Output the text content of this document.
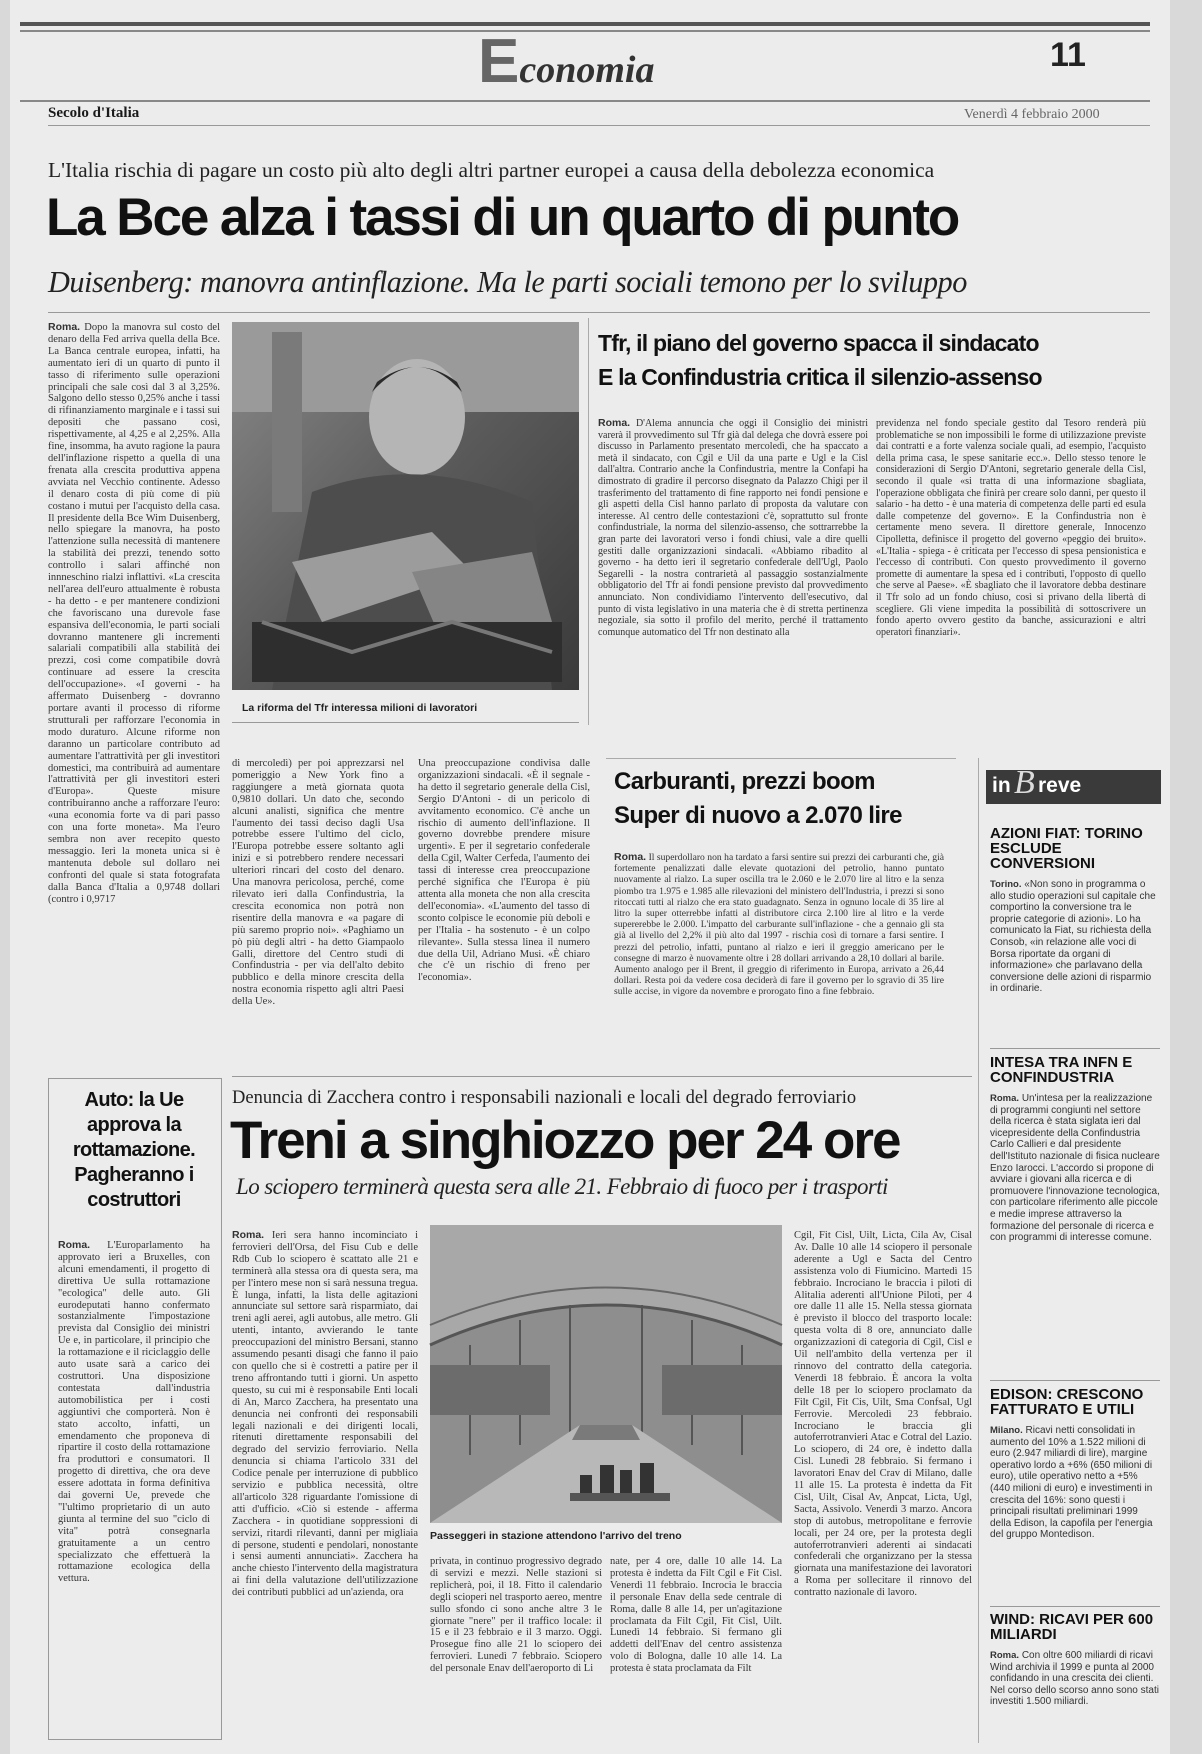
Economia	11
Secolo d'Italia	Venerdì 4 febbraio 2000
L'Italia rischia di pagare un costo più alto degli altri partner europei a causa della debolezza economica
La Bce alza i tassi di un quarto di punto
Duisenberg: manovra antinflazione. Ma le parti sociali temono per lo sviluppo

Roma. Dopo la manovra sul costo del denaro della Fed arriva quella della Bce. La Banca centrale europea, infatti, ha aumentato ieri di un quarto di punto il tasso di riferimento sulle operazioni principali che sale così dal 3 al 3,25%. Salgono dello stesso 0,25% anche i tassi di rifinanziamento marginale e i tassi sui depositi che passano così, rispettivamente, al 4,25 e al 2,25%. Alla fine, insomma, ha avuto ragione la paura dell'inflazione rispetto a quella di una frenata alla crescita produttiva appena avviata nel Vecchio continente. Adesso il denaro costa di più come di più costano i mutui per l'acquisto della casa. Il presidente della Bce Wim Duisenberg, nello spiegare la manovra, ha posto l'attenzione sulla necessità di mantenere la stabilità dei prezzi, tenendo sotto controllo i salari affinché non innneschino rialzi inflattivi. «La crescita nell'area dell'euro attualmente è robusta - ha detto - e per mantenere condizioni che favoriscano una durevole fase espansiva dell'economia, le parti sociali dovranno mantenere gli incrementi salariali compatibili alla stabilità dei prezzi, così come compatibile dovrà continuare ad essere la crescita dell'occupazione». «I governi - ha affermato Duisenberg - dovranno portare avanti il processo di riforme strutturali per rafforzare l'economia in modo duraturo. Alcune riforme non daranno un particolare contributo ad aumentare l'attrattività per gli investitori domestici, ma contribuirà ad aumentare l'attrattività per gli investitori esteri d'Europa». Queste misure contribuiranno anche a rafforzare l'euro: «una economia forte va di pari passo con una forte moneta». Ma l'euro sembra non aver recepito questo messaggio. Ieri la moneta unica si è mantenuta debole sul dollaro nei confronti del quale si stata fotografata dalla Banca d'Italia a 0,9748 dollari (contro i 0,9717

La riforma del Tfr interessa milioni di lavoratori
Tfr, il piano del governo spacca il sindacato
E la Confindustria critica il silenzio-assenso

Roma. D'Alema annuncia che oggi il Consiglio dei ministri varerà il provvedimento sul Tfr già dal delega che dovrà essere poi discusso in Parlamento presentato mercoledì, che ha spaccato a metà il sindacato, con Cgil e Uil da una parte e Ugl e la Cisl dall'altra. Contrario anche la Confindustria, mentre la Confapi ha dimostrato di gradire il percorso disegnato da Palazzo Chigi per il trasferimento del trattamento di fine rapporto nei fondi pensione e gli aspetti della Cisl hanno parlato di proposta da valutare con interesse. Al centro delle contestazioni c'è, soprattutto sul fronte confindustriale, la norma del silenzio-assenso, che sottrarrebbe la gran parte dei lavoratori verso i fondi chiusi, vale a dire quelli gestiti dalle organizzazioni sindacali. «Abbiamo ribadito al governo - ha detto ieri il segretario confederale dell'Ugl, Paolo Segarelli - la nostra contrarietà al passaggio sostanzialmente obbligatorio del Tfr ai fondi pensione previsto dal provvedimento annunciato. Non condividiamo l'intervento dell'esecutivo, dal punto di vista legislativo in una materia che è di stretta pertinenza negoziale, sia sotto il profilo del merito, perché il trattamento comunque automatico del Tfr non destinato alla

previdenza nel fondo speciale gestito dal Tesoro renderà più problematiche se non impossibili le forme di utilizzazione previste dai contratti e a forte valenza sociale quali, ad esempio, l'acquisto della prima casa, le spese sanitarie ecc.». Dello stesso tenore le considerazioni di Sergio D'Antoni, segretario generale della Cisl, secondo il quale «si tratta di una informazione sbagliata, l'operazione obbligata che finirà per creare solo danni, per questo il salario - ha detto - è una materia di competenza delle parti ed esula dalle competenze del governo». E la Confindustria non è certamente meno severa. Il direttore generale, Innocenzo Cipolletta, definisce il progetto del governo «peggio dei bruito». «L'Italia - spiega - è criticata per l'eccesso di spesa pensionistica e l'eccesso di contributi. Con questo provvedimento il governo promette di aumentare la spesa ed i contributi, l'opposto di quello che serve al Paese». «È sbagliato che il lavoratore debba destinare il Tfr solo ad un fondo chiuso, così si privano della libertà di scegliere. Gli viene impedita la possibilità di sottoscrivere un fondo aperto ovvero gestito da banche, assicurazioni e altri operatori finanziari».

di mercoledì) per poi apprezzarsi nel pomeriggio a New York fino a raggiungere a metà giornata quota 0,9810 dollari. Un dato che, secondo alcuni analisti, significa che mentre l'aumento dei tassi deciso dagli Usa potrebbe essere l'ultimo del ciclo, l'Europa potrebbe essere soltanto agli inizi e si potrebbero rendere necessari ulteriori rincari del costo del denaro. Una manovra pericolosa, perché, come rilevato ieri dalla Confindustria, la crescita economica non potrà non risentire della manovra e «a pagare di più saremo proprio noi». «Paghiamo un pò più degli altri - ha detto Giampaolo Galli, direttore del Centro studi di Confindustria - per via dell'alto debito pubblico e della minore crescita della nostra economia rispetto agli altri Paesi della Ue».

Una preoccupazione condivisa dalle organizzazioni sindacali. «È il segnale - ha detto il segretario generale della Cisl, Sergio D'Antoni - di un pericolo di avvitamento economico. C'è anche un rischio di aumento dell'inflazione. Il governo dovrebbe prendere misure urgenti». E per il segretario confederale della Cgil, Walter Cerfeda, l'aumento dei tassi di interesse crea preoccupazione perché significa che l'Europa è più attenta alla moneta che non alla crescita dell'economia». «L'aumento del tasso di sconto colpisce le economie più deboli e per l'Italia - ha sostenuto - è un colpo rilevante». Sulla stessa linea il numero due della Uil, Adriano Musi. «È chiaro che c'è un rischio di freno per l'economia».

Carburanti, prezzi boom
Super di nuovo a 2.070 lire

Roma. Il superdollaro non ha tardato a farsi sentire sui prezzi dei carburanti che, già fortemente penalizzati dalle elevate quotazioni del petrolio, hanno puntato nuovamente al rialzo. La super oscilla tra le 2.060 e le 2.070 lire al litro e la senza piombo tra 1.975 e 1.985 alle rilevazioni del ministero dell'Industria, i prezzi si sono ritoccati tutti al rialzo che era stato guadagnato. Senza in ognuno locale di 35 lire al litro la super otterrebbe infatti al distributore circa 2.100 lire al litro e la verde supererebbe le 2.000. L'impatto del carburante sull'inflazione - che a gennaio gli sta già al livello del 2,2% il più alto dal 1997 - rischia così di tornare a farsi sentire. I prezzi del petrolio, infatti, puntano al rialzo e ieri il greggio americano per le consegne di marzo è nuovamente oltre i 28 dollari arrivando a 28,10 dollari al barile. Aumento analogo per il Brent, il greggio di riferimento in Europa, arrivato a 26,44 dollari. Resta poi da vedere cosa deciderà di fare il governo per lo sgravio di 35 lire sulle accise, in vigore da novembre e prorogato fino a fine febbraio.

in B reve
AZIONI FIAT: TORINO ESCLUDE CONVERSIONI
Torino. «Non sono in programma o allo studio operazioni sul capitale che comportino la conversione tra le proprie categorie di azioni». Lo ha comunicato la Fiat, su richiesta della Consob, «in relazione alle voci di Borsa riportate da organi di informazione» che parlavano della conversione delle azioni di risparmio in ordinarie.
INTESA TRA INFN E CONFINDUSTRIA
Roma. Un'intesa per la realizzazione di programmi congiunti nel settore della ricerca è stata siglata ieri dal vicepresidente della Confindustria Carlo Callieri e dal presidente dell'Istituto nazionale di fisica nucleare Enzo Iarocci. L'accordo si propone di avviare i giovani alla ricerca e di promuovere l'innovazione tecnologica, con particolare riferimento alle piccole e medie imprese attraverso la formazione del personale di ricerca e con programmi di interesse comune.
EDISON: CRESCONO FATTURATO E UTILI
Milano. Ricavi netti consolidati in aumento del 10% a 1.522 milioni di euro (2.947 miliardi di lire), margine operativo lordo a +6% (650 milioni di euro), utile operativo netto a +5% (440 milioni di euro) e investimenti in crescita del 16%: sono questi i principali risultati preliminari 1999 della Edison, la capofila per l'energia del gruppo Montedison.
WIND: RICAVI PER 600 MILIARDI
Roma. Con oltre 600 miliardi di ricavi Wind archivia il 1999 e punta al 2000 confidando in una crescita dei clienti. Nel corso dello scorso anno sono stati investiti 1.500 miliardi.
Auto: la Ue approva la rottamazione. Pagheranno i costruttori

Roma. L'Europarlamento ha approvato ieri a Bruxelles, con alcuni emendamenti, il progetto di direttiva Ue sulla rottamazione "ecologica" delle auto. Gli eurodeputati hanno confermato sostanzialmente l'impostazione prevista dal Consiglio dei ministri Ue e, in particolare, il principio che la rottamazione e il riciclaggio delle auto usate sarà a carico dei costruttori. Una disposizione contestata dall'industria automobilistica per i costi aggiuntivi che comporterà. Non è stato accolto, infatti, un emendamento che proponeva di ripartire il costo della rottamazione fra produttori e consumatori. Il progetto di direttiva, che ora deve essere adottata in forma definitiva dai governi Ue, prevede che "l'ultimo proprietario di un auto giunta al termine del suo "ciclo di vita" potrà consegnarla gratuitamente a un centro specializzato che effettuerà la rottamazione ecologica della vettura.

Denuncia di Zacchera contro i responsabili nazionali e locali del degrado ferroviario
Treni a singhiozzo per 24 ore
Lo sciopero terminerà questa sera alle 21. Febbraio di fuoco per i trasporti
Passeggeri in stazione attendono l'arrivo del treno

Roma. Ieri sera hanno incominciato i ferrovieri dell'Orsa, del Fisu Cub e delle Rdb Cub lo sciopero è scattato alle 21 e terminerà alla stessa ora di questa sera, ma per l'intero mese non si sarà nessuna tregua. È lunga, infatti, la lista delle agitazioni annunciate sul settore sarà risparmiato, dai treni agli aerei, agli autobus, alle metro. Gli utenti, intanto, avvierando le tante preoccupazioni del ministro Bersani, stanno assumendo pesanti disagi che fanno il paio con quello che si è costretti a patire per il treno affrontando tutti i giorni. Un aspetto questo, su cui mi è responsabile Enti locali di An, Marco Zacchera, ha presentato una denuncia nei confronti dei responsabili legali nazionali e dei dirigenti locali, ritenuti direttamente responsabili del degrado del servizio ferroviario. Nella denuncia si chiama l'articolo 331 del Codice penale per interruzione di pubblico servizio e pubblica necessità, oltre all'articolo 328 riguardante l'omissione di atti d'ufficio. «Ciò si estende - afferma Zacchera - in quotidiane soppressioni di servizi, ritardi rilevanti, danni per migliaia di persone, studenti e pendolari, nonostante i sensi aumenti annunciati». Zacchera ha anche chiesto l'intervento della magistratura ai fini della valutazione dell'utilizzazione dei contributi pubblici ad un'azienda, ora

privata, in continuo progressivo degrado di servizi e mezzi. Nelle stazioni si replicherà, poi, il 18. Fitto il calendario degli scioperi nel trasporto aereo, mentre sullo sfondo ci sono anche altre 3 le giornate "nere" per il traffico locale: il 15 e il 23 febbraio e il 3 marzo. Oggi. Prosegue fino alle 21 lo sciopero dei ferrovieri. Lunedì 7 febbraio. Sciopero del personale Enav dell'aeroporto di Li

nate, per 4 ore, dalle 10 alle 14. La protesta è indetta da Filt Cgil e Fit Cisl. Venerdì 11 febbraio. Incrocia le braccia il personale Enav della sede centrale di Roma, dalle 8 alle 14, per un'agitazione proclamata da Filt Cgil, Fit Cisl, Uilt. Lunedì 14 febbraio. Si fermano gli addetti dell'Enav del centro assistenza volo di Bologna, dalle 10 alle 14. La protesta è stata proclamata da Filt

Cgil, Fit Cisl, Uilt, Licta, Cila Av, Cisal Av. Dalle 10 alle 14 sciopero il personale aderente a Ugl e Sacta del Centro assistenza volo di Fiumicino. Martedì 15 febbraio. Incrociano le braccia i piloti di Alitalia aderenti all'Unione Piloti, per 4 ore dalle 11 alle 15. Nella stessa giornata è previsto il blocco del trasporto locale: questa volta di 8 ore, annunciato dalle organizzazioni di categoria di Cgil, Cisl e Uil nell'ambito della vertenza per il rinnovo del contratto della categoria. Venerdì 18 febbraio. È ancora la volta delle 18 per lo sciopero proclamato da Filt Cgil, Fit Cis, Uilt, Sma Confsal, Ugl Ferrovie. Mercoledì 23 febbraio. Incrociano le braccia gli autoferrotranvieri Atac e Cotral del Lazio. Lo sciopero, di 24 ore, è indetto dalla Cisl. Lunedì 28 febbraio. Si fermano i lavoratori Enav del Crav di Milano, dalle 11 alle 15. La protesta è indetta da Fit Cisl, Uilt, Cisal Av, Anpcat, Licta, Ugl, Sacta, Assivolo. Venerdì 3 marzo. Ancora stop di autobus, metropolitane e ferrovie locali, per 24 ore, per la protesta degli autoferrotranvieri aderenti ai sindacati confederali che organizzano per la stessa giornata una manifestazione dei lavoratori a Roma per sollecitare il rinnovo del contratto nazionale di lavoro.
